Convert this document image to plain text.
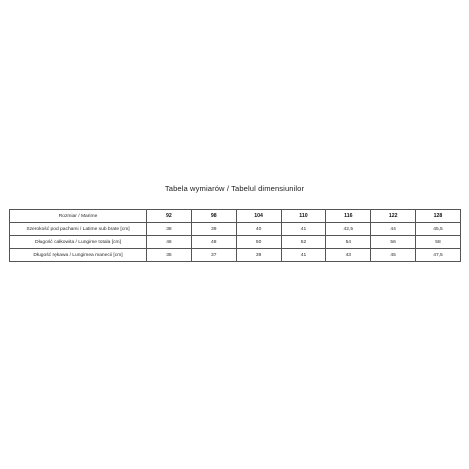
Tabela wymiarów / Tabelul dimensiunilor
Rozmiar / Marime	92	98	104	110	116	122	128
Szerokość pod pachami / Latime sub brate [cm]	38	39	40	41	42,5	44	45,5
Długość całkowita / Lungime totala [cm]	46	48	50	52	54	56	58
Długość rękawa / Lungimea manecii [cm]	35	37	39	41	43	45	47,5
